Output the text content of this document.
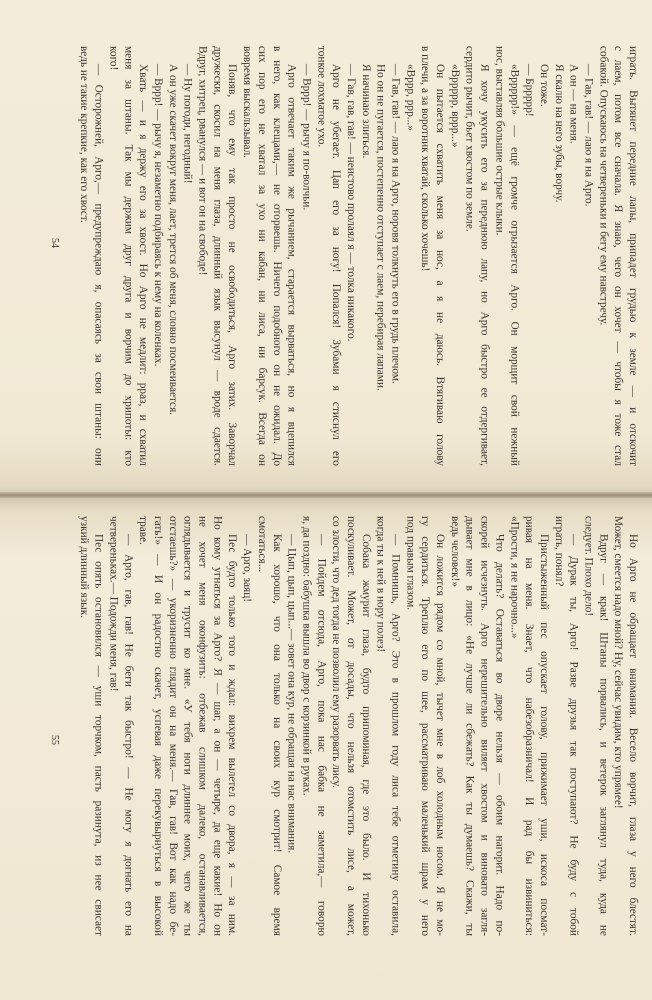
играть. Вытянет передние лапы, припадет грудью к земле — и отскочит
с лаем, потом все сначала. Я знаю, чего он хочет — чтобы я тоже стал
собакой. Опускаюсь на четвереньки и бегу ему навстречу.
— Гав, гав! — лаю я на Арго.
А он — на меня.
Я скалю на него зубы, ворчу.
Он тоже.
— Бррррр!
«Вррррр!» — ещё громче огрызается Арго. Он морщит свой нежный
нос, выставляя большие острые клыки.
Я хочу укусить его за переднюю лапу, но Арго быстро ее отдергивает,
сердито рычит, бьет хвостом по земле.
«Вррррр, вррр...»
Он пытается схватить меня за нос, а я не даюсь. Втягиваю голову
в плечи, а за воротник хватай, сколько хочешь!
«Вррр, ррр...»
— Гав, гав! — лаю я на Арго, норовя толкнуть его в грудь плечом.
Но он не пугается, постепенно отступает с лаем, перебирая лапами.
Я начинаю злиться.
— Гав, гав, гав! — неистово пролаял я — толка никакого.
Арго не убегает. Цап его за ногу! Попался! Зубами я стиснул его
тонкое лохматое ухо.
— Вррр! — рычу я по-волчьи.
Арго отвечает таким же рычанием, старается вырваться, но я вцепился
в него, как клещами,— не оторвешь. Ничего подобного он не ожидал. До
сих пор его не хватал за ухо ни кабан, ни лиса, ни барсук. Всегда он
вовремя выскальзывал.
Поняв, что ему так просто не освободиться, Арго затих. Заворчал
дружески, скосил на меня глаза, длинный язык высунул — вроде сдается.
Вдруг, хитрец, рванулся — и вот он на свободе!
— Ну погоди, негодный!
А он уже скачет вокруг меня, лает, трется об меня, словно посмеивается.
— Вррр! — рычу я, незаметно подбираясь к нему на коленках.
Хвать — и я держу его за хвост. Но Арго не медлит: рраз, и схватил
меня за штаны. Так мы держим друг друга и ворчим до хрипоты: кто
кого!
— Осторожней, Арго,— предупреждаю я, опасаясь за свои штаны: они
ведь не такие крепкие, как его хвост.
Но Арго не обращает внимания. Весело ворчит, глаза у него блестят.
Может, смеется надо мной? Ну, сейчас увидим, кто упрямее!
Вдруг — крак! Штаны порвались, и ветерок заглянул туда, куда не
следует. Плохо дело!
— Дурак ты, Арго! Разве друзья так поступают? Не буду с тобой
играть, понял?
Пристыженный пес опускает голову, прижимает уши, искоса посмат-
ривая на меня. Знает, что набезобразничал! И рад бы извиниться:
«Прости, я не нарочно...»
Что делать? Оставаться во дворе нельзя — обоим нагорит. Надо по-
скорей исчезнуть. Арго нерешительно виляет хвостом и виновато загля-
дывает мне в лицо: «Не лучше ли сбежать? Как ты думаешь? Скажи, ты
ведь человек!»
Он ложится рядом со мной, тычет мне в лоб холодным носом. Я не мо-
гу сердиться. Треплю его по шее, рассматриваю маленький шрам у него
под правым глазом.
— Помнишь, Арго? Это в прошлом году лиса тебе отметину оставила,
когда ты к ней в нору полез!
Собака жмурит глаза, будто припоминая, где это было. И тихонько
поскуливает. Может, от досады, что нельзя отомстить лисе, а может,
со злости, что дед тогда не позволил ему разорвать лису.
— Пойдем отсюда, Арго, пока нас бабка не заметила,— говорю
я, да поздно: бабушка вышла во двор с корзинкой в руках.
— Цып, цып, цып...— зовет она кур, не обращая на нас внимания.
Как хорошо, что она только на своих кур смотрит! Самое время
смотаться...
— Арго, заяц!
Пес будто только того и ждал: вихрем вылетел со двора, я — за ним.
Но кому угнаться за Арго? Я — шаг, а он — четыре, да еще какие! Но он
не хочет меня оконфузить: отбежав слишком далеко, останавливается,
оглядывается и трусит ко мне. «У тебя ноги длиннее моих, чего же ты
отстаешь?» — укоризненно глядит он на меня.— Гав, гав! Вот как надо бе-
гать!» — И он радостно скачет, успевая даже перекувырнуться в высокой
траве.
— Арго, гав, гав! Не беги так быстро! — Не могу я догнать его на
четвереньках.— Подожди меня, гав!
Пес опять остановился — уши торчком, пасть разинута, из нее свисает
узкий длинный язык.
54
55
